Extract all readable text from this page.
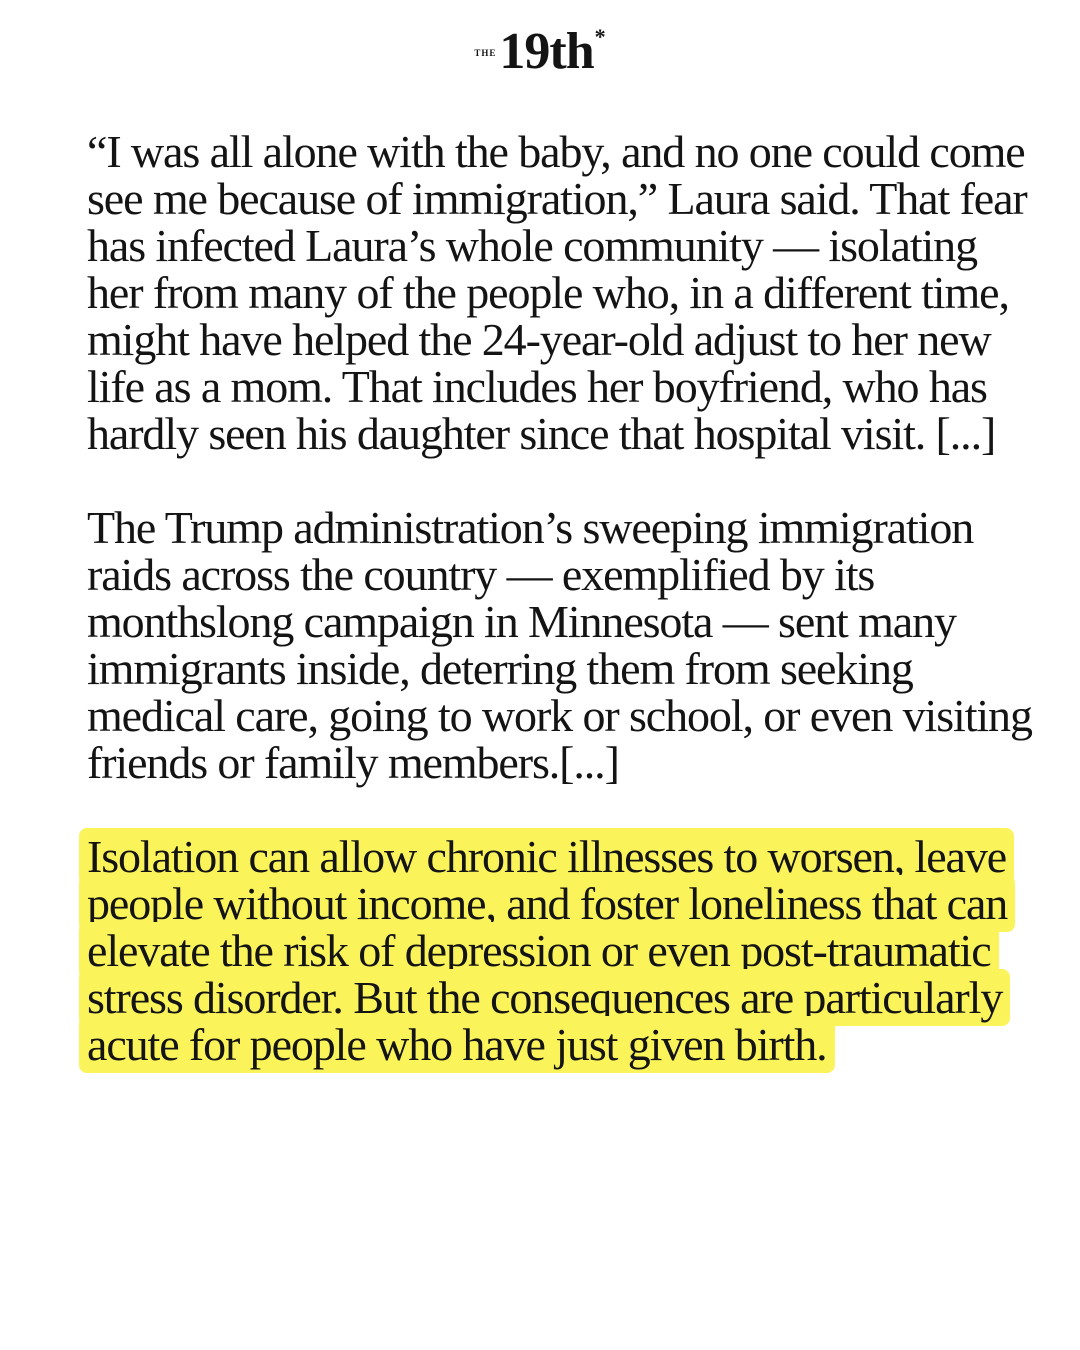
$^{THE}$19th*

“I was all alone with the baby, and no one could come see me because of immigration,” Laura said. That fear has infected Laura’s whole community — isolating her from many of the people who, in a different time, might have helped the 24-year-old adjust to her new life as a mom. That includes her boyfriend, who has hardly seen his daughter since that hospital visit. [...]

The Trump administration’s sweeping immigration raids across the country — exemplified by its monthslong campaign in Minnesota — sent many immigrants inside, deterring them from seeking medical care, going to work or school, or even visiting friends or family members.[...]

Isolation can allow chronic illnesses to worsen, leave people without income, and foster loneliness that can elevate the risk of depression or even post-traumatic stress disorder. But the consequences are particularly acute for people who have just given birth.
